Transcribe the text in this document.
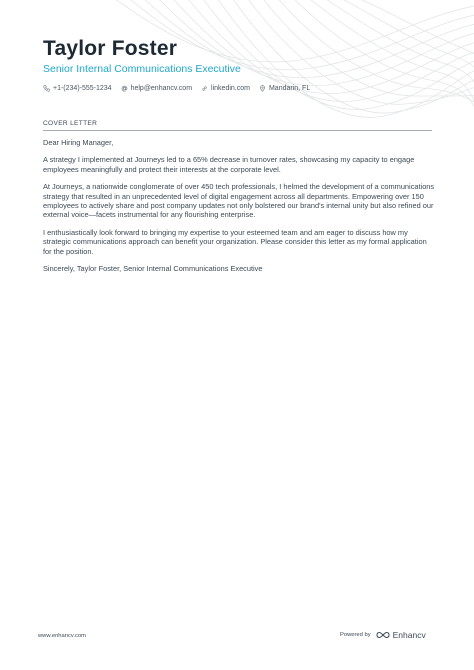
Taylor Foster
Senior Internal Communications Executive
+1-(234)-555-1234	help@enhancv.com	linkedin.com	Mandarin, FL
COVER LETTER

Dear Hiring Manager,

A strategy I implemented at Journeys led to a 65% decrease in turnover rates, showcasing my capacity to engage employees meaningfully and protect their interests at the corporate level.

At Journeys, a nationwide conglomerate of over 450 tech professionals, I helmed the development of a communications strategy that resulted in an unprecedented level of digital engagement across all departments. Empowering over 150 employees to actively share and post company updates not only bolstered our brand's internal unity but also refined our external voice—facets instrumental for any flourishing enterprise.

I enthusiastically look forward to bringing my expertise to your esteemed team and am eager to discuss how my strategic communications approach can benefit your organization. Please consider this letter as my formal application for the position.

Sincerely, Taylor Foster, Senior Internal Communications Executive

www.enhancv.com	Powered by	Enhancv
